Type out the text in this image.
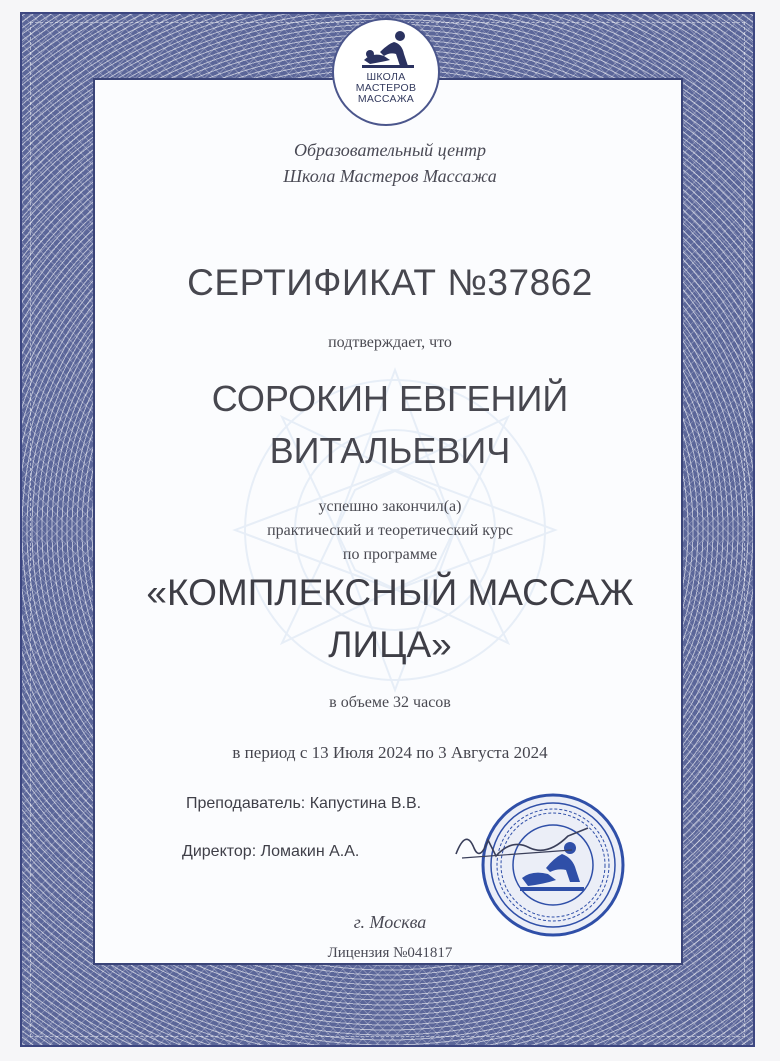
ШКОЛА
МАСТЕРОВ
МАССАЖА
Образовательный центр
Школа Мастеров Массажа
СЕРТИФИКАТ №37862
подтверждает, что
СОРОКИН ЕВГЕНИЙ
ВИТАЛЬЕВИЧ
успешно закончил(а)
практический и теоретический курс
по программе
«КОМПЛЕКСНЫЙ МАССАЖ
ЛИЦА»
в объеме 32 часов
в период с 13 Июля 2024 по 3 Августа 2024
Преподаватель: Капустина В.В.
Директор: Ломакин А.А.
г. Москва
Лицензия №041817
